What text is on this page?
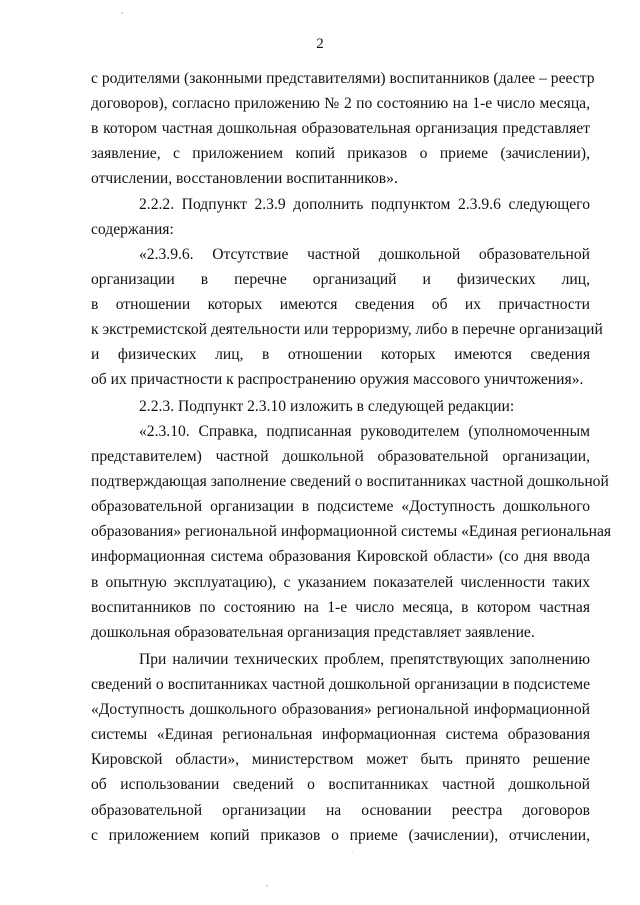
2
с родителями (законными представителями) воспитанников (далее – реестр
договоров), согласно приложению № 2 по состоянию на 1-е число месяца,
в котором частная дошкольная образовательная организация представляет
заявление, с приложением копий приказов о приеме (зачислении),
отчислении, восстановлении воспитанников».
2.2.2. Подпункт 2.3.9 дополнить подпунктом 2.3.9.6 следующего
содержания:
«2.3.9.6. Отсутствие частной дошкольной образовательной
организации в перечне организаций и физических лиц,
в отношении которых имеются сведения об их причастности
к экстремистской деятельности или терроризму, либо в перечне организаций
и физических лиц, в отношении которых имеются сведения
об их причастности к распространению оружия массового уничтожения».
2.2.3. Подпункт 2.3.10 изложить в следующей редакции:
«2.3.10. Справка, подписанная руководителем (уполномоченным
представителем) частной дошкольной образовательной организации,
подтверждающая заполнение сведений о воспитанниках частной дошкольной
образовательной организации в подсистеме «Доступность дошкольного
образования» региональной информационной системы «Единая региональная
информационная система образования Кировской области» (со дня ввода
в опытную эксплуатацию), с указанием показателей численности таких
воспитанников по состоянию на 1-е число месяца, в котором частная
дошкольная образовательная организация представляет заявление.
При наличии технических проблем, препятствующих заполнению
сведений о воспитанниках частной дошкольной организации в подсистеме
«Доступность дошкольного образования» региональной информационной
системы «Единая региональная информационная система образования
Кировской области», министерством может быть принято решение
об использовании сведений о воспитанниках частной дошкольной
образовательной организации на основании реестра договоров
с приложением копий приказов о приеме (зачислении), отчислении,
